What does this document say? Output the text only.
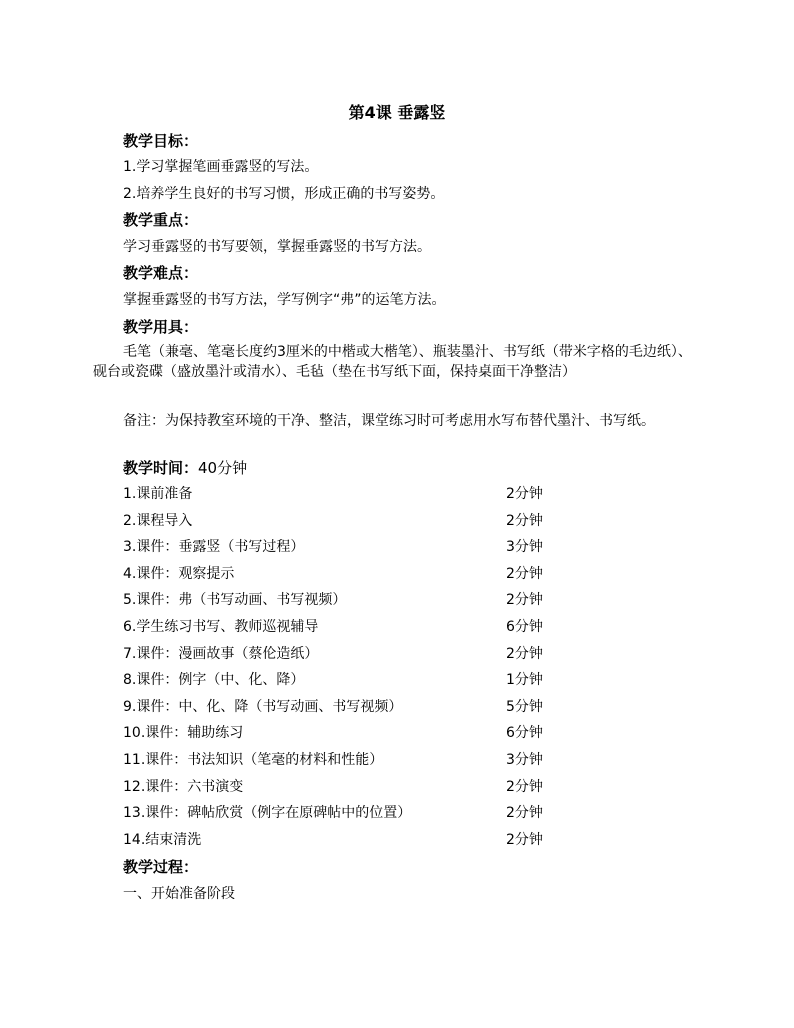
第4课 垂露竖
教学目标：
1.学习掌握笔画垂露竖的写法。
2.培养学生良好的书写习惯，形成正确的书写姿势。
教学重点：
学习垂露竖的书写要领，掌握垂露竖的书写方法。
教学难点：
掌握垂露竖的书写方法，学写例字“弗”的运笔方法。
教学用具：
毛笔（兼毫、笔毫长度约3厘米的中楷或大楷笔）、瓶装墨汁、书写纸（带米字格的毛边纸）、砚台或瓷碟（盛放墨汁或清水）、毛毡（垫在书写纸下面，保持桌面干净整洁）
备注：为保持教室环境的干净、整洁，课堂练习时可考虑用水写布替代墨汁、书写纸。
教学时间：40分钟
1.课前准备	2分钟
2.课程导入	2分钟
3.课件：垂露竖（书写过程）	3分钟
4.课件：观察提示	2分钟
5.课件：弗（书写动画、书写视频）	2分钟
6.学生练习书写、教师巡视辅导	6分钟
7.课件：漫画故事（蔡伦造纸）	2分钟
8.课件：例字（中、化、降）	1分钟
9.课件：中、化、降（书写动画、书写视频）	5分钟
10.课件：辅助练习	6分钟
11.课件：书法知识（笔毫的材料和性能）	3分钟
12.课件：六书演变	2分钟
13.课件：碑帖欣赏（例字在原碑帖中的位置）	2分钟
14.结束清洗	2分钟
教学过程：
一、开始准备阶段
